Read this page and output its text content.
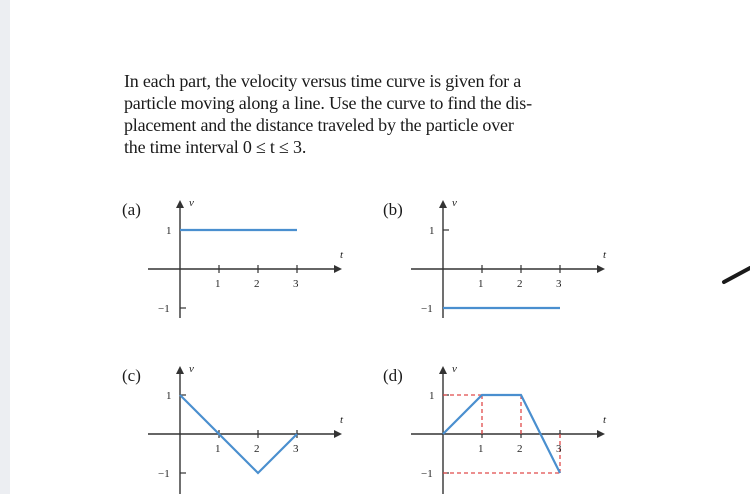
In each part, the velocity versus time curve is given for a
particle moving along a line. Use the curve to find the dis-
placement and the distance traveled by the particle over
the time interval 0 ≤ t ≤ 3.
(a)	(b)
(c)	(d)
v
t
1
−1
1	2	3
v
t
1
−1
1	2	3
v
t
1
−1
1	2	3
v
t
1
−1
1	2	3
